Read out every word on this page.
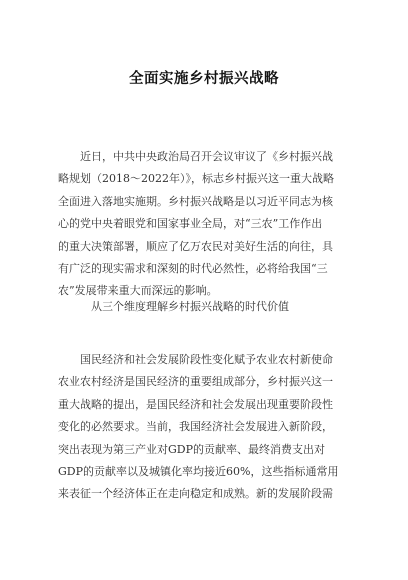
全面实施乡村振兴战略
　　近日，中共中央政治局召开会议审议了《乡村振兴战
略规划（2018～2022年）》，标志乡村振兴这一重大战略
全面进入落地实施期。乡村振兴战略是以习近平同志为核
心的党中央着眼党和国家事业全局，对“三农”工作作出
的重大决策部署，顺应了亿万农民对美好生活的向往，具
有广泛的现实需求和深刻的时代必然性，必将给我国“三
农”发展带来重大而深远的影响。
从三个维度理解乡村振兴战略的时代价值
国民经济和社会发展阶段性变化赋予农业农村新使命
农业农村经济是国民经济的重要组成部分，乡村振兴这一
重大战略的提出，是国民经济和社会发展出现重要阶段性
变化的必然要求。当前，我国经济社会发展进入新阶段，
突出表现为第三产业对GDP的贡献率、最终消费支出对
GDP的贡献率以及城镇化率均接近60%，这些指标通常用
来表征一个经济体正在走向稳定和成熟。新的发展阶段需
